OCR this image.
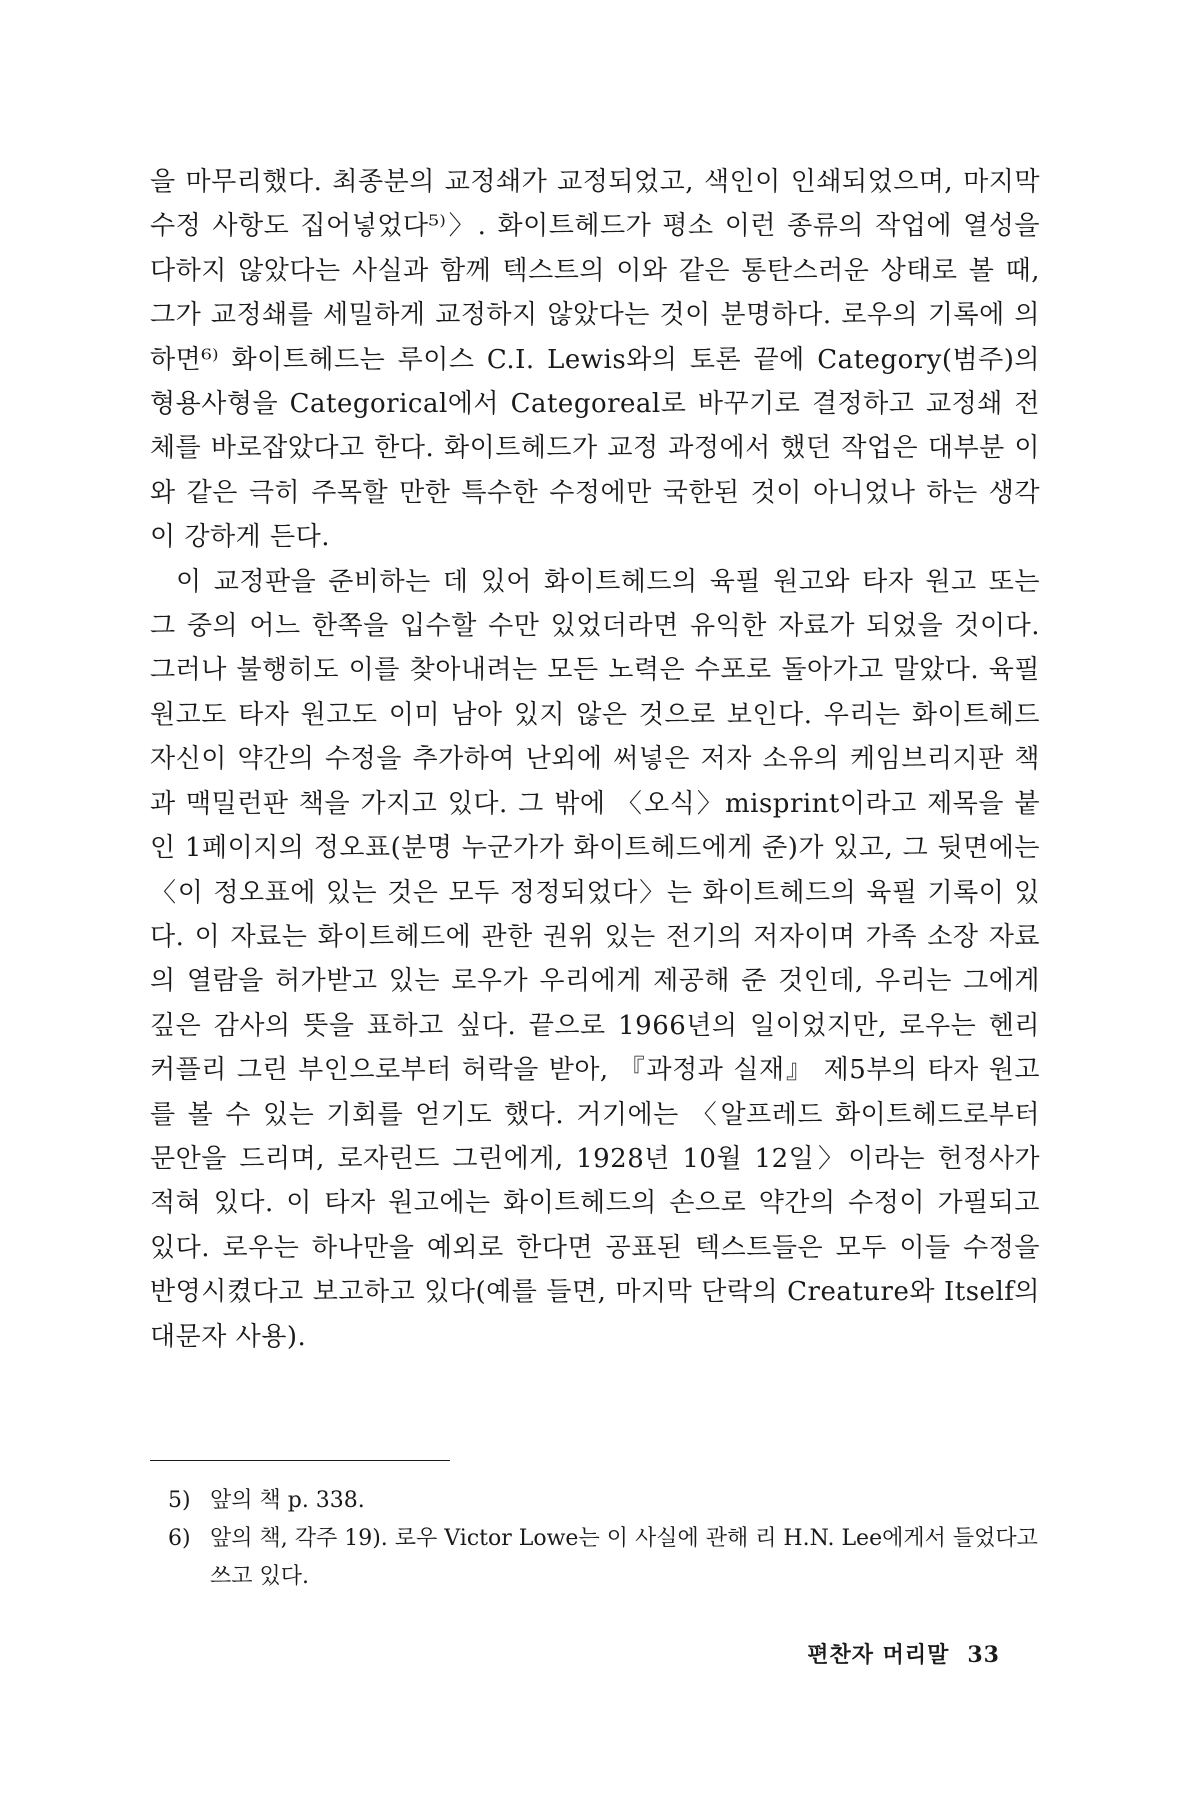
을 마무리했다. 최종분의 교정쇄가 교정되었고, 색인이 인쇄되었으며, 마지막 수정 사항도 집어넣었다⁵⁾〉. 화이트헤드가 평소 이런 종류의 작업에 열성을 다하지 않았다는 사실과 함께 텍스트의 이와 같은 통탄스러운 상태로 볼 때, 그가 교정쇄를 세밀하게 교정하지 않았다는 것이 분명하다. 로우의 기록에 의하면⁶⁾ 화이트헤드는 루이스 C.I. Lewis와의 토론 끝에 Category(범주)의 형용사형을 Categorical에서 Categoreal로 바꾸기로 결정하고 교정쇄 전체를 바로잡았다고 한다. 화이트헤드가 교정 과정에서 했던 작업은 대부분 이와 같은 극히 주목할 만한 특수한 수정에만 국한된 것이 아니었나 하는 생각이 강하게 든다.

이 교정판을 준비하는 데 있어 화이트헤드의 육필 원고와 타자 원고 또는 그 중의 어느 한쪽을 입수할 수만 있었더라면 유익한 자료가 되었을 것이다. 그러나 불행히도 이를 찾아내려는 모든 노력은 수포로 돌아가고 말았다. 육필 원고도 타자 원고도 이미 남아 있지 않은 것으로 보인다. 우리는 화이트헤드 자신이 약간의 수정을 추가하여 난외에 써넣은 저자 소유의 케임브리지판 책과 맥밀런판 책을 가지고 있다. 그 밖에 〈오식〉misprint이라고 제목을 붙인 1페이지의 정오표(분명 누군가가 화이트헤드에게 준)가 있고, 그 뒷면에는 〈이 정오표에 있는 것은 모두 정정되었다〉는 화이트헤드의 육필 기록이 있다. 이 자료는 화이트헤드에 관한 권위 있는 전기의 저자이며 가족 소장 자료의 열람을 허가받고 있는 로우가 우리에게 제공해 준 것인데, 우리는 그에게 깊은 감사의 뜻을 표하고 싶다. 끝으로 1966년의 일이었지만, 로우는 헨리 커플리 그린 부인으로부터 허락을 받아, 『과정과 실재』 제5부의 타자 원고를 볼 수 있는 기회를 얻기도 했다. 거기에는 〈알프레드 화이트헤드로부터 문안을 드리며, 로자린드 그린에게, 1928년 10월 12일〉이라는 헌정사가 적혀 있다. 이 타자 원고에는 화이트헤드의 손으로 약간의 수정이 가필되고 있다. 로우는 하나만을 예외로 한다면 공표된 텍스트들은 모두 이들 수정을 반영시켰다고 보고하고 있다(예를 들면, 마지막 단락의 Creature와 Itself의 대문자 사용).

5) 앞의 책 p. 338.
6) 앞의 책, 각주 19). 로우 Victor Lowe는 이 사실에 관해 리 H.N. Lee에게서 들었다고 쓰고 있다.
편찬자 머리말 33
